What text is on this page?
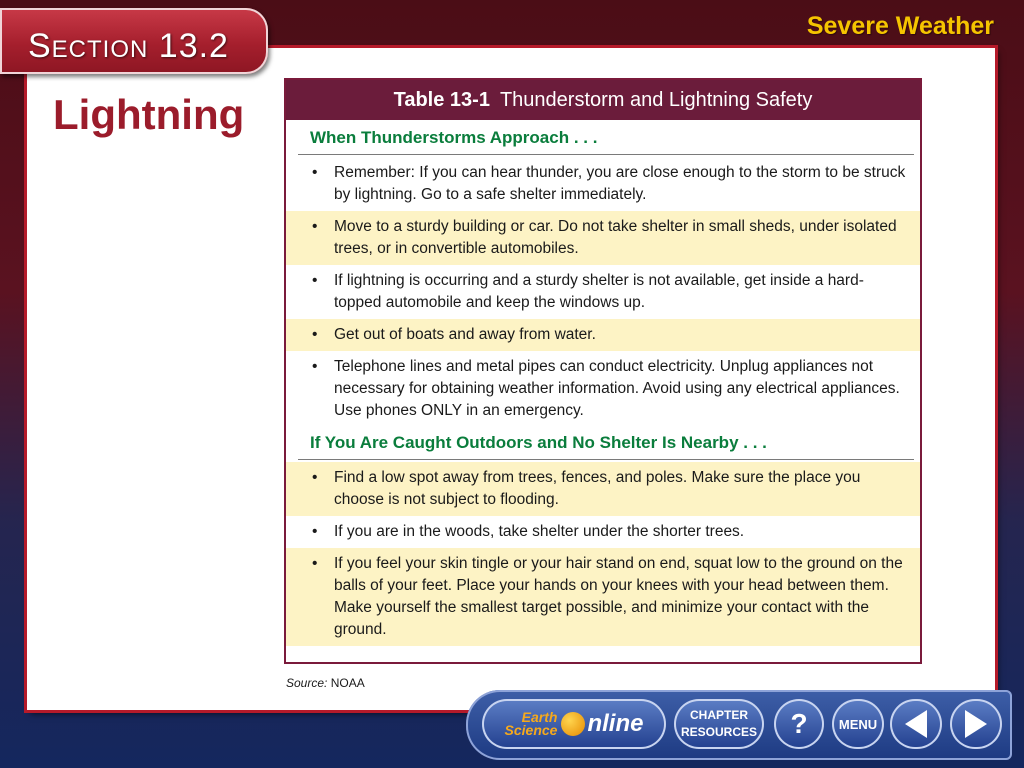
Section 13.2
Severe Weather
Lightning	Table 13-1 Thunderstorm and Lightning Safety
When Thunderstorms Approach . . .
• Remember: If you can hear thunder, you are close enough to the storm to be struck by lightning. Go to a safe shelter immediately.
• Move to a sturdy building or car. Do not take shelter in small sheds, under isolated trees, or in convertible automobiles.
• If lightning is occurring and a sturdy shelter is not available, get inside a hard-topped automobile and keep the windows up.
• Get out of boats and away from water.
• Telephone lines and metal pipes can conduct electricity. Unplug appliances not necessary for obtaining weather information. Avoid using any electrical appliances. Use phones ONLY in an emergency.
If You Are Caught Outdoors and No Shelter Is Nearby . . .
• Find a low spot away from trees, fences, and poles. Make sure the place you choose is not subject to flooding.
• If you are in the woods, take shelter under the shorter trees.
• If you feel your skin tingle or your hair stand on end, squat low to the ground on the balls of your feet. Place your hands on your knees with your head between them. Make yourself the smallest target possible, and minimize your contact with the ground.
Source: NOAA
Earth
Science nline	CHAPTER
RESOURCES ? MENU
